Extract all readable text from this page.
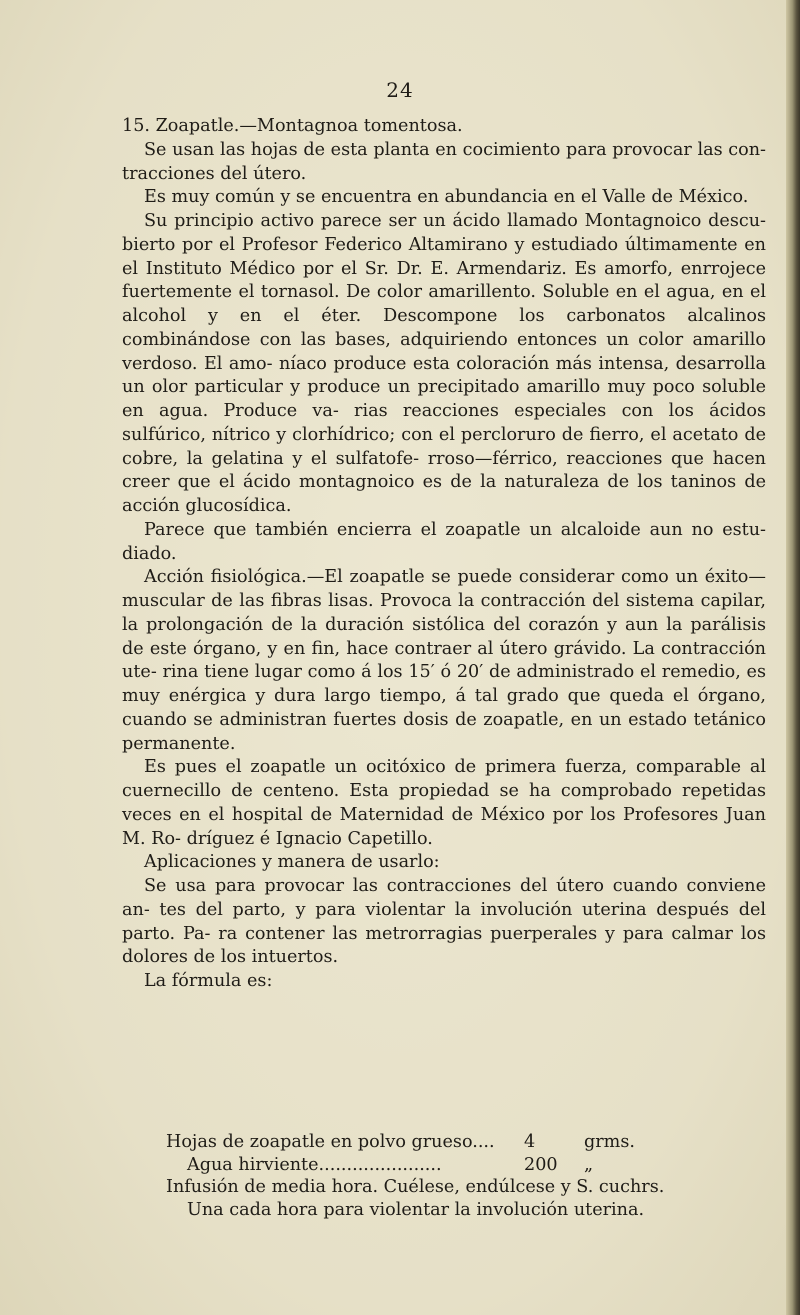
24

15. Zoapatle.—Montagnoa tomentosa.

Se usan las hojas de esta planta en cocimiento para provocar las con- tracciones del útero.

Es muy común y se encuentra en abundancia en el Valle de México.

Su principio activo parece ser un ácido llamado Montagnoico descu- bierto por el Profesor Federico Altamirano y estudiado últimamente en el Instituto Médico por el Sr. Dr. E. Armendariz. Es amorfo, enrrojece fuertemente el tornasol. De color amarillento. Soluble en el agua, en el alcohol y en el éter. Descompone los carbonatos alcalinos combinándose con las bases, adquiriendo entonces un color amarillo verdoso. El amo- níaco produce esta coloración más intensa, desarrolla un olor particular y produce un precipitado amarillo muy poco soluble en agua. Produce va- rias reacciones especiales con los ácidos sulfúrico, nítrico y clorhídrico; con el percloruro de fierro, el acetato de cobre, la gelatina y el sulfatofe- rroso—férrico, reacciones que hacen creer que el ácido montagnoico es de la naturaleza de los taninos de acción glucosídica.

Parece que también encierra el zoapatle un alcaloide aun no estu- diado.

Acción fisiológica.—El zoapatle se puede considerar como un éxito— muscular de las fibras lisas. Provoca la contracción del sistema capilar, la prolongación de la duración sistólica del corazón y aun la parálisis de este órgano, y en fin, hace contraer al útero grávido. La contracción ute- rina tiene lugar como á los 15′ ó 20′ de administrado el remedio, es muy enérgica y dura largo tiempo, á tal grado que queda el órgano, cuando se administran fuertes dosis de zoapatle, en un estado tetánico permanente.

Es pues el zoapatle un ocitóxico de primera fuerza, comparable al cuernecillo de centeno. Esta propiedad se ha comprobado repetidas veces en el hospital de Maternidad de México por los Profesores Juan M. Ro- dríguez é Ignacio Capetillo.

Aplicaciones y manera de usarlo:

Se usa para provocar las contracciones del útero cuando conviene an- tes del parto, y para violentar la involución uterina después del parto. Pa- ra contener las metrorragias puerperales y para calmar los dolores de los intuertos.

La fórmula es:

Hojas de zoapatle en polvo grueso.... 4	grms.
Agua hirviente......................	200 „
Infusión de media hora. Cuélese, endúlcese y S. cuchrs.
Una cada hora para violentar la involución uterina.
